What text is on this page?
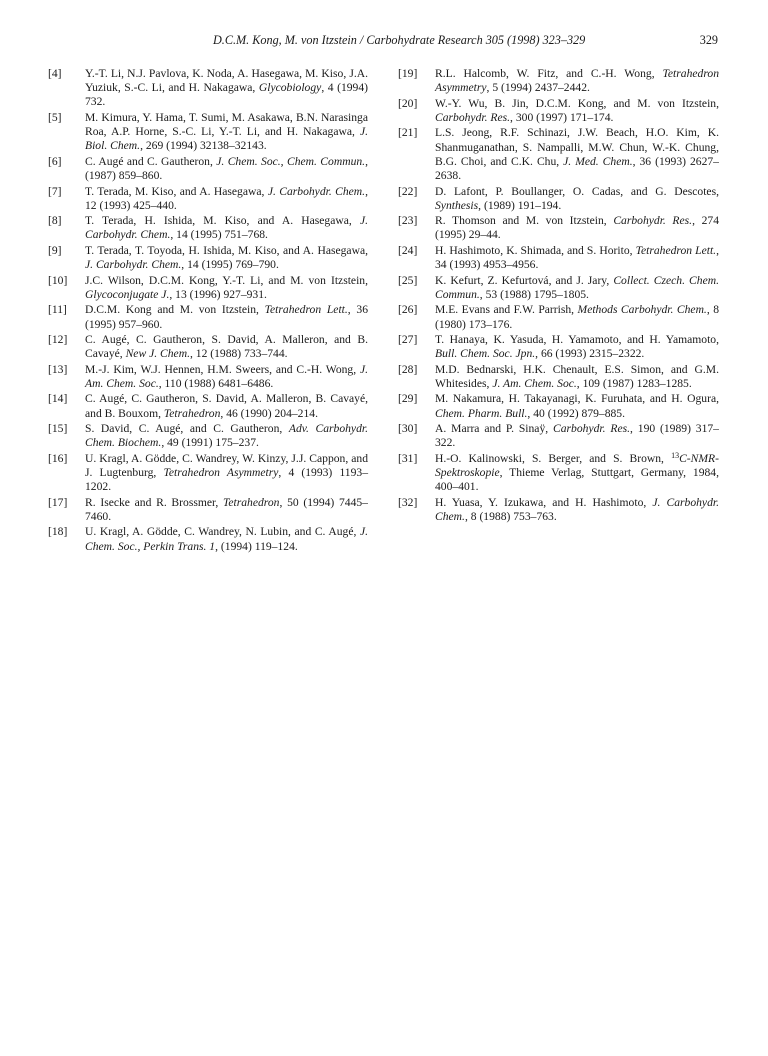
D.C.M. Kong, M. von Itzstein / Carbohydrate Research 305 (1998) 323–329	329
[4]	Y.-T. Li, N.J. Pavlova, K. Noda, A. Hasegawa, M. Kiso, J.A. Yuziuk, S.-C. Li, and H. Nakagawa, Glycobiology, 4 (1994) 732.
[5]	M. Kimura, Y. Hama, T. Sumi, M. Asakawa, B.N. Narasinga Roa, A.P. Horne, S.-C. Li, Y.-T. Li, and H. Nakagawa, J. Biol. Chem., 269 (1994) 32138–32143.
[6]	C. Augé and C. Gautheron, J. Chem. Soc., Chem. Commun., (1987) 859–860.
[7]	T. Terada, M. Kiso, and A. Hasegawa, J. Carbohydr. Chem., 12 (1993) 425–440.
[8]	T. Terada, H. Ishida, M. Kiso, and A. Hasegawa, J. Carbohydr. Chem., 14 (1995) 751–768.
[9]	T. Terada, T. Toyoda, H. Ishida, M. Kiso, and A. Hasegawa, J. Carbohydr. Chem., 14 (1995) 769–790.
[10]	J.C. Wilson, D.C.M. Kong, Y.-T. Li, and M. von Itzstein, Glycoconjugate J., 13 (1996) 927–931.
[11]	D.C.M. Kong and M. von Itzstein, Tetrahedron Lett., 36 (1995) 957–960.
[12]	C. Augé, C. Gautheron, S. David, A. Malleron, and B. Cavayé, New J. Chem., 12 (1988) 733–744.
[13]	M.-J. Kim, W.J. Hennen, H.M. Sweers, and C.-H. Wong, J. Am. Chem. Soc., 110 (1988) 6481–6486.
[14]	C. Augé, C. Gautheron, S. David, A. Malleron, B. Cavayé, and B. Bouxom, Tetrahedron, 46 (1990) 204–214.
[15]	S. David, C. Augé, and C. Gautheron, Adv. Carbohydr. Chem. Biochem., 49 (1991) 175–237.
[16]	U. Kragl, A. Gödde, C. Wandrey, W. Kinzy, J.J. Cappon, and J. Lugtenburg, Tetrahedron Asymmetry, 4 (1993) 1193–1202.
[17]	R. Isecke and R. Brossmer, Tetrahedron, 50 (1994) 7445–7460.
[18]	U. Kragl, A. Gödde, C. Wandrey, N. Lubin, and C. Augé, J. Chem. Soc., Perkin Trans. 1, (1994) 119–124.
[19]	R.L. Halcomb, W. Fitz, and C.-H. Wong, Tetrahedron Asymmetry, 5 (1994) 2437–2442.
[20]	W.-Y. Wu, B. Jin, D.C.M. Kong, and M. von Itzstein, Carbohydr. Res., 300 (1997) 171–174.
[21]	L.S. Jeong, R.F. Schinazi, J.W. Beach, H.O. Kim, K. Shanmuganathan, S. Nampalli, M.W. Chun, W.-K. Chung, B.G. Choi, and C.K. Chu, J. Med. Chem., 36 (1993) 2627–2638.
[22]	D. Lafont, P. Boullanger, O. Cadas, and G. Descotes, Synthesis, (1989) 191–194.
[23]	R. Thomson and M. von Itzstein, Carbohydr. Res., 274 (1995) 29–44.
[24]	H. Hashimoto, K. Shimada, and S. Horito, Tetrahedron Lett., 34 (1993) 4953–4956.
[25]	K. Kefurt, Z. Kefurtová, and J. Jary, Collect. Czech. Chem. Commun., 53 (1988) 1795–1805.
[26]	M.E. Evans and F.W. Parrish, Methods Carbohydr. Chem., 8 (1980) 173–176.
[27]	T. Hanaya, K. Yasuda, H. Yamamoto, and H. Yamamoto, Bull. Chem. Soc. Jpn., 66 (1993) 2315–2322.
[28]	M.D. Bednarski, H.K. Chenault, E.S. Simon, and G.M. Whitesides, J. Am. Chem. Soc., 109 (1987) 1283–1285.
[29]	M. Nakamura, H. Takayanagi, K. Furuhata, and H. Ogura, Chem. Pharm. Bull., 40 (1992) 879–885.
[30]	A. Marra and P. Sinaÿ, Carbohydr. Res., 190 (1989) 317–322.
[31]	H.-O. Kalinowski, S. Berger, and S. Brown, $^{13}$C-NMR-Spektroskopie, Thieme Verlag, Stuttgart, Germany, 1984, 400–401.
[32]	H. Yuasa, Y. Izukawa, and H. Hashimoto, J. Carbohydr. Chem., 8 (1988) 753–763.
